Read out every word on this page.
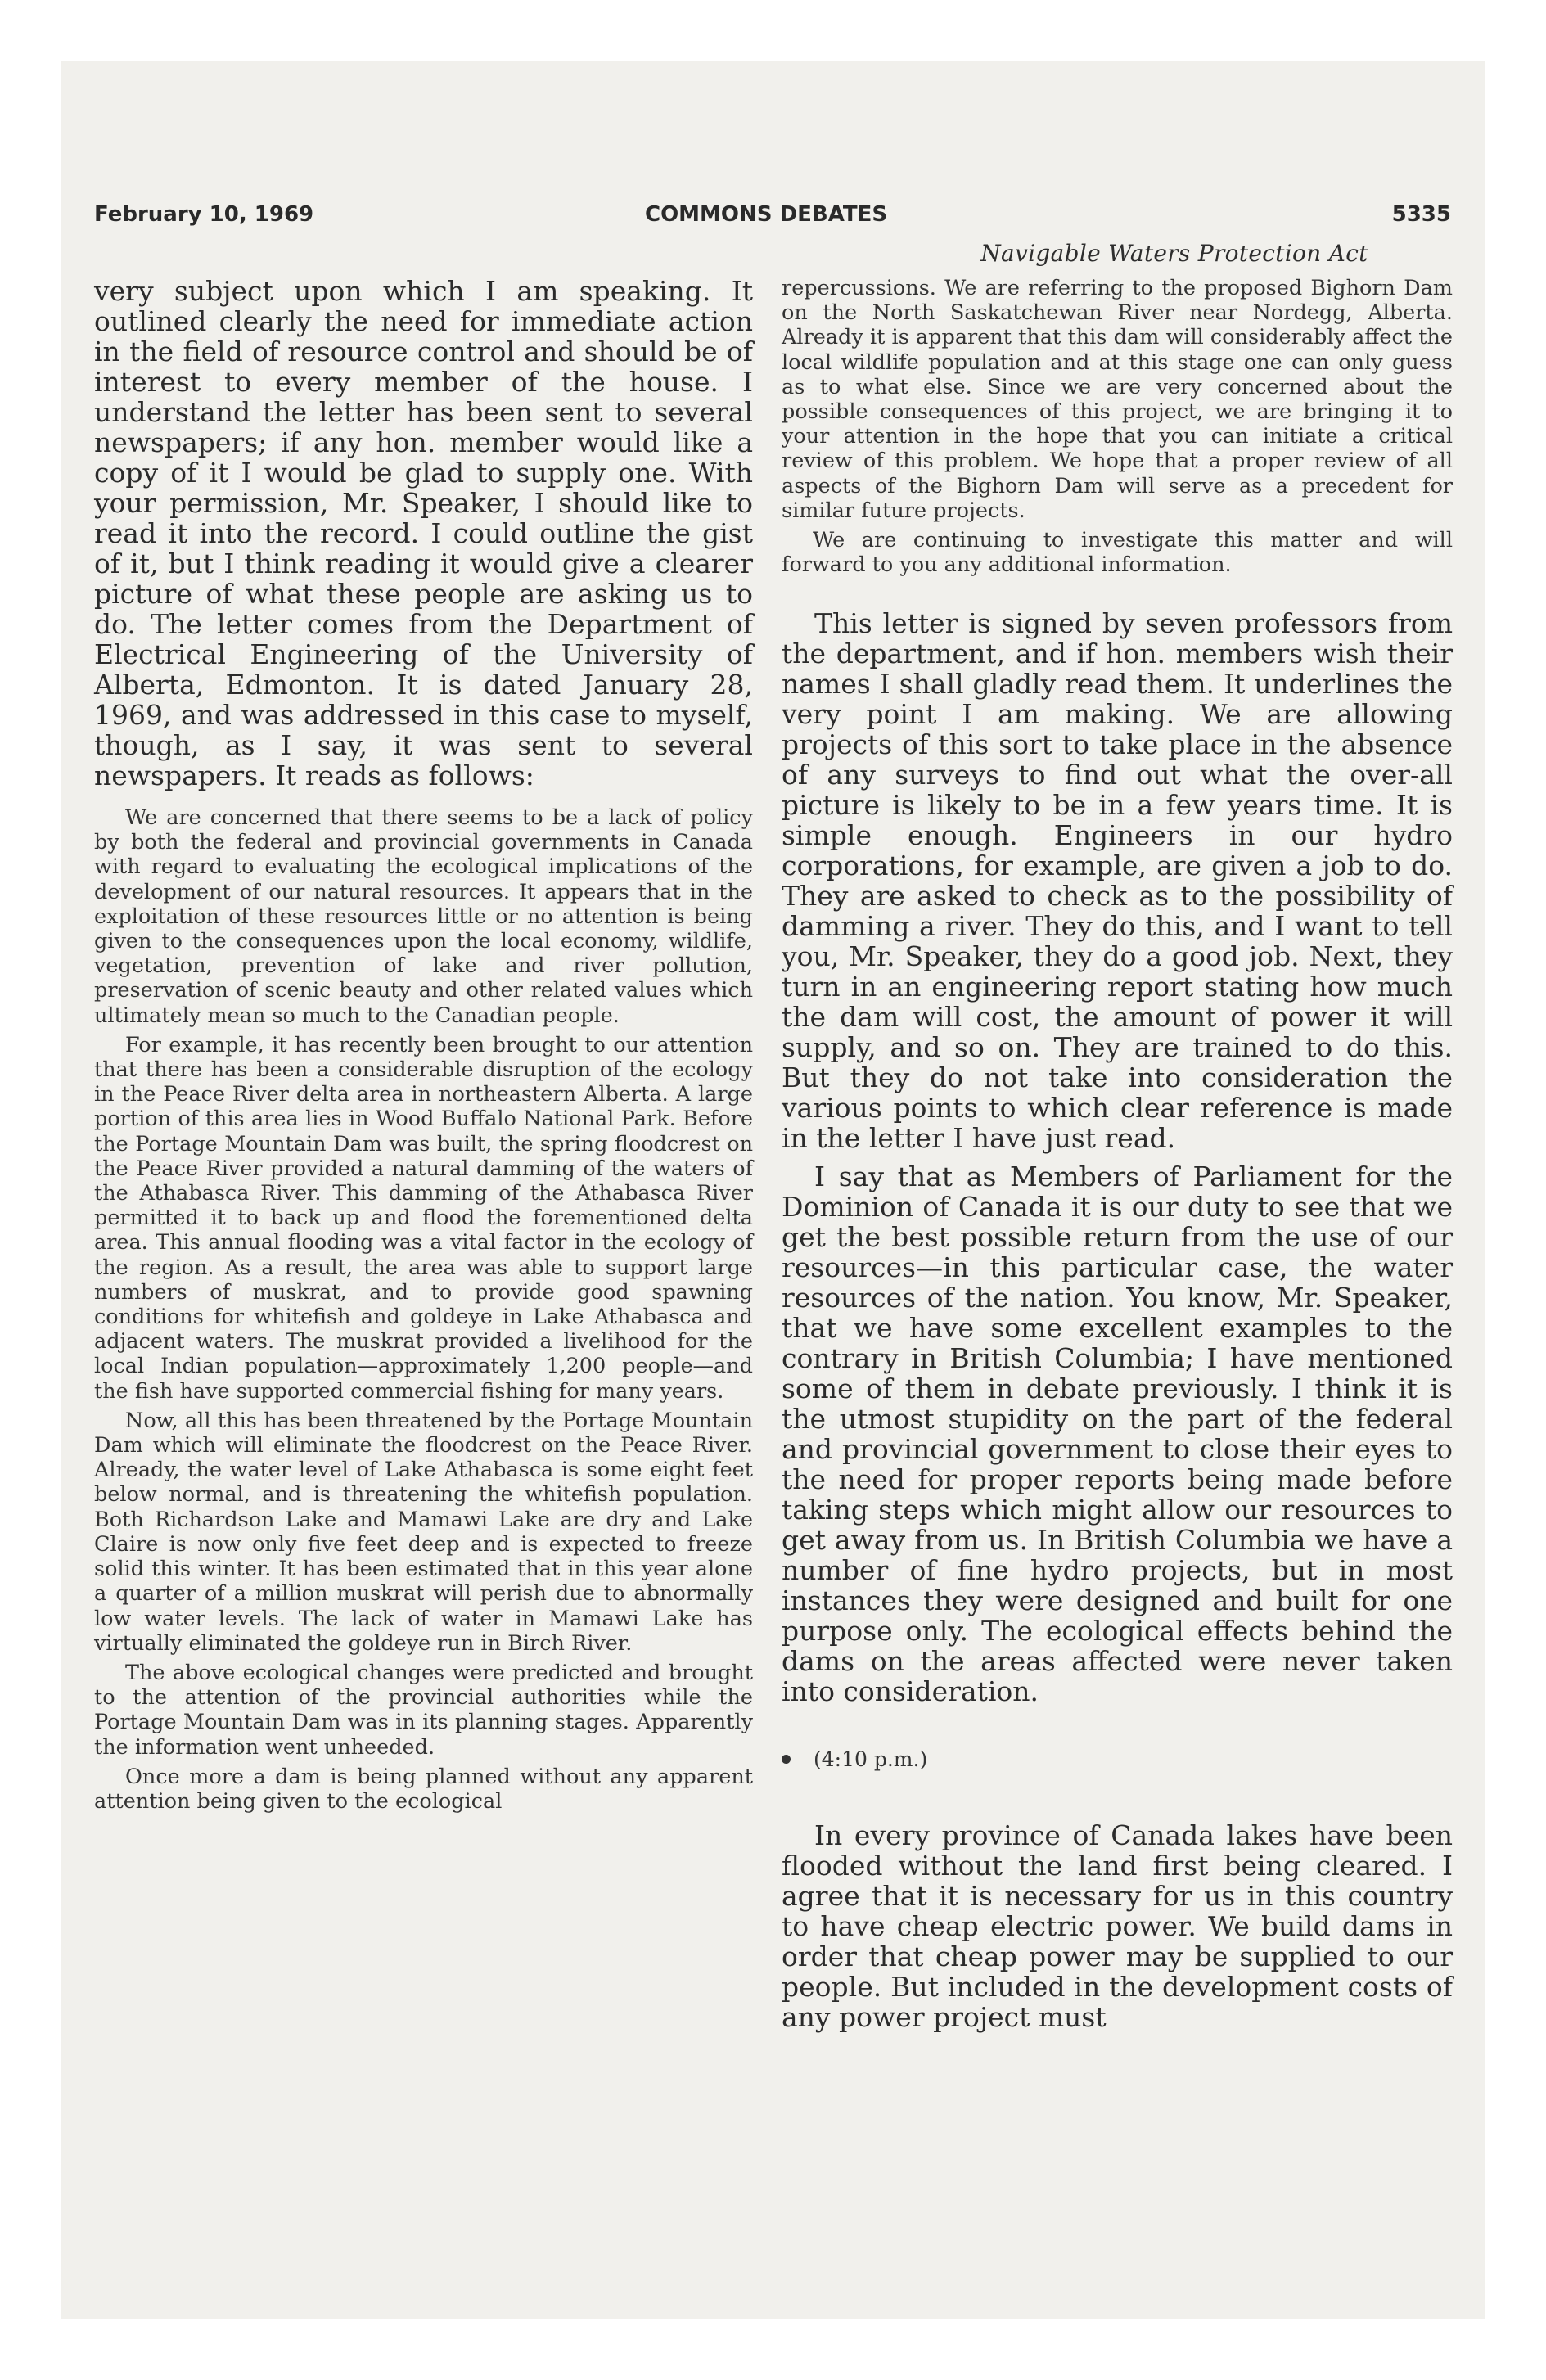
February 10, 1969	COMMONS DEBATES	5335
Navigable Waters Protection Act

very subject upon which I am speaking. It outlined clearly the need for immediate action in the field of resource control and should be of interest to every member of the house. I understand the letter has been sent to several newspapers; if any hon. member would like a copy of it I would be glad to supply one. With your permission, Mr. Speaker, I should like to read it into the record. I could outline the gist of it, but I think reading it would give a clearer picture of what these people are asking us to do. The letter comes from the Department of Electrical Engineering of the University of Alberta, Edmonton. It is dated January 28, 1969, and was addressed in this case to myself, though, as I say, it was sent to several newspapers. It reads as follows:

We are concerned that there seems to be a lack of policy by both the federal and provincial governments in Canada with regard to evaluating the ecological implications of the development of our natural resources. It appears that in the exploitation of these resources little or no attention is being given to the consequences upon the local economy, wildlife, vegetation, prevention of lake and river pollution, preservation of scenic beauty and other related values which ultimately mean so much to the Canadian people.

For example, it has recently been brought to our attention that there has been a considerable disruption of the ecology in the Peace River delta area in northeastern Alberta. A large portion of this area lies in Wood Buffalo National Park. Before the Portage Mountain Dam was built, the spring floodcrest on the Peace River provided a natural damming of the waters of the Athabasca River. This damming of the Athabasca River permitted it to back up and flood the forementioned delta area. This annual flooding was a vital factor in the ecology of the region. As a result, the area was able to support large numbers of muskrat, and to provide good spawning conditions for whitefish and goldeye in Lake Athabasca and adjacent waters. The muskrat provided a livelihood for the local Indian population—approximately 1,200 people—and the fish have supported commercial fishing for many years.

Now, all this has been threatened by the Portage Mountain Dam which will eliminate the floodcrest on the Peace River. Already, the water level of Lake Athabasca is some eight feet below normal, and is threatening the whitefish population. Both Richardson Lake and Mamawi Lake are dry and Lake Claire is now only five feet deep and is expected to freeze solid this winter. It has been estimated that in this year alone a quarter of a million muskrat will perish due to abnormally low water levels. The lack of water in Mamawi Lake has virtually eliminated the goldeye run in Birch River.

The above ecological changes were predicted and brought to the attention of the provincial authorities while the Portage Mountain Dam was in its planning stages. Apparently the information went unheeded.

Once more a dam is being planned without any apparent attention being given to the ecological

repercussions. We are referring to the proposed Bighorn Dam on the North Saskatchewan River near Nordegg, Alberta. Already it is apparent that this dam will considerably affect the local wildlife population and at this stage one can only guess as to what else. Since we are very concerned about the possible consequences of this project, we are bringing it to your attention in the hope that you can initiate a critical review of this problem. We hope that a proper review of all aspects of the Bighorn Dam will serve as a precedent for similar future projects.

We are continuing to investigate this matter and will forward to you any additional information.

This letter is signed by seven professors from the department, and if hon. members wish their names I shall gladly read them. It underlines the very point I am making. We are allowing projects of this sort to take place in the absence of any surveys to find out what the over-all picture is likely to be in a few years time. It is simple enough. Engineers in our hydro corporations, for example, are given a job to do. They are asked to check as to the possibility of damming a river. They do this, and I want to tell you, Mr. Speaker, they do a good job. Next, they turn in an engineering report stating how much the dam will cost, the amount of power it will supply, and so on. They are trained to do this. But they do not take into consideration the various points to which clear reference is made in the letter I have just read.

I say that as Members of Parliament for the Dominion of Canada it is our duty to see that we get the best possible return from the use of our resources—in this particular case, the water resources of the nation. You know, Mr. Speaker, that we have some excellent examples to the contrary in British Columbia; I have mentioned some of them in debate previously. I think it is the utmost stupidity on the part of the federal and provincial government to close their eyes to the need for proper reports being made before taking steps which might allow our resources to get away from us. In British Columbia we have a number of fine hydro projects, but in most instances they were designed and built for one purpose only. The ecological effects behind the dams on the areas affected were never taken into consideration.

(4:10 p.m.)

In every province of Canada lakes have been flooded without the land first being cleared. I agree that it is necessary for us in this country to have cheap electric power. We build dams in order that cheap power may be supplied to our people. But included in the development costs of any power project must
